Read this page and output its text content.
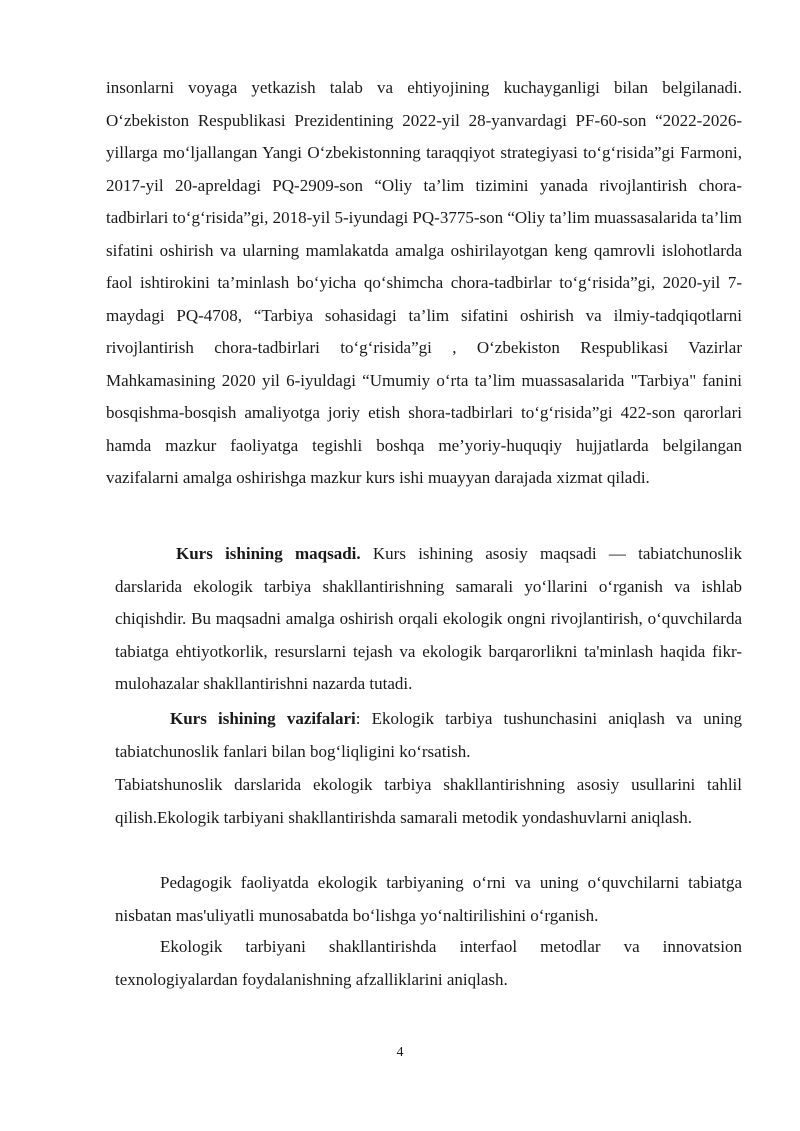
insonlarni voyaga yetkazish talab va ehtiyojining kuchayganligi bilan belgilanadi. O‘zbekiston Respublikasi Prezidentining 2022-yil 28-yanvardagi PF-60-son “2022-2026-yillarga mo‘ljallangan Yangi O‘zbekistonning taraqqiyot strategiyasi to‘g‘risida”gi Farmoni, 2017-yil 20-apreldagi PQ-2909-son “Oliy ta’lim tizimini yanada rivojlantirish chora-tadbirlari to‘g‘risida”gi, 2018-yil 5-iyundagi PQ-3775-son “Oliy ta’lim muassasalarida ta’lim sifatini oshirish va ularning mamlakatda amalga oshirilayotgan keng qamrovli islohotlarda faol ishtirokini ta’minlash bo‘yicha qo‘shimcha chora-tadbirlar to‘g‘risida”gi, 2020-yil 7-maydagi PQ-4708, “Tarbiya sohasidagi ta’lim sifatini oshirish va ilmiy-tadqiqotlarni rivojlantirish chora-tadbirlari to‘g‘risida”gi , O‘zbekiston Respublikasi Vazirlar Mahkamasining 2020 yil 6-iyuldagi “Umumiy o‘rta ta’lim muassasalarida "Tarbiya" fanini bosqishma-bosqish amaliyotga joriy etish shora-tadbirlari to‘g‘risida”gi 422-son qarorlari hamda mazkur faoliyatga tegishli boshqa me’yoriy-huquqiy hujjatlarda belgilangan vazifalarni amalga oshirishga mazkur kurs ishi muayyan darajada xizmat qiladi.

Kurs ishining maqsadi. Kurs ishining asosiy maqsadi — tabiatchunoslik darslarida ekologik tarbiya shakllantirishning samarali yo‘llarini o‘rganish va ishlab chiqishdir. Bu maqsadni amalga oshirish orqali ekologik ongni rivojlantirish, o‘quvchilarda tabiatga ehtiyotkorlik, resurslarni tejash va ekologik barqarorlikni ta'minlash haqida fikr-mulohazalar shakllantirishni nazarda tutadi.

Kurs ishining vazifalari: Ekologik tarbiya tushunchasini aniqlash va uning tabiatchunoslik fanlari bilan bog‘liqligini ko‘rsatish.

Tabiatshunoslik darslarida ekologik tarbiya shakllantirishning asosiy usullarini tahlil qilish.Ekologik tarbiyani shakllantirishda samarali metodik yondashuvlarni aniqlash.

Pedagogik faoliyatda ekologik tarbiyaning o‘rni va uning o‘quvchilarni tabiatga nisbatan mas'uliyatli munosabatda bo‘lishga yo‘naltirilishini o‘rganish.

Ekologik tarbiyani shakllantirishda interfaol metodlar va innovatsion texnologiyalardan foydalanishning afzalliklarini aniqlash.

4
